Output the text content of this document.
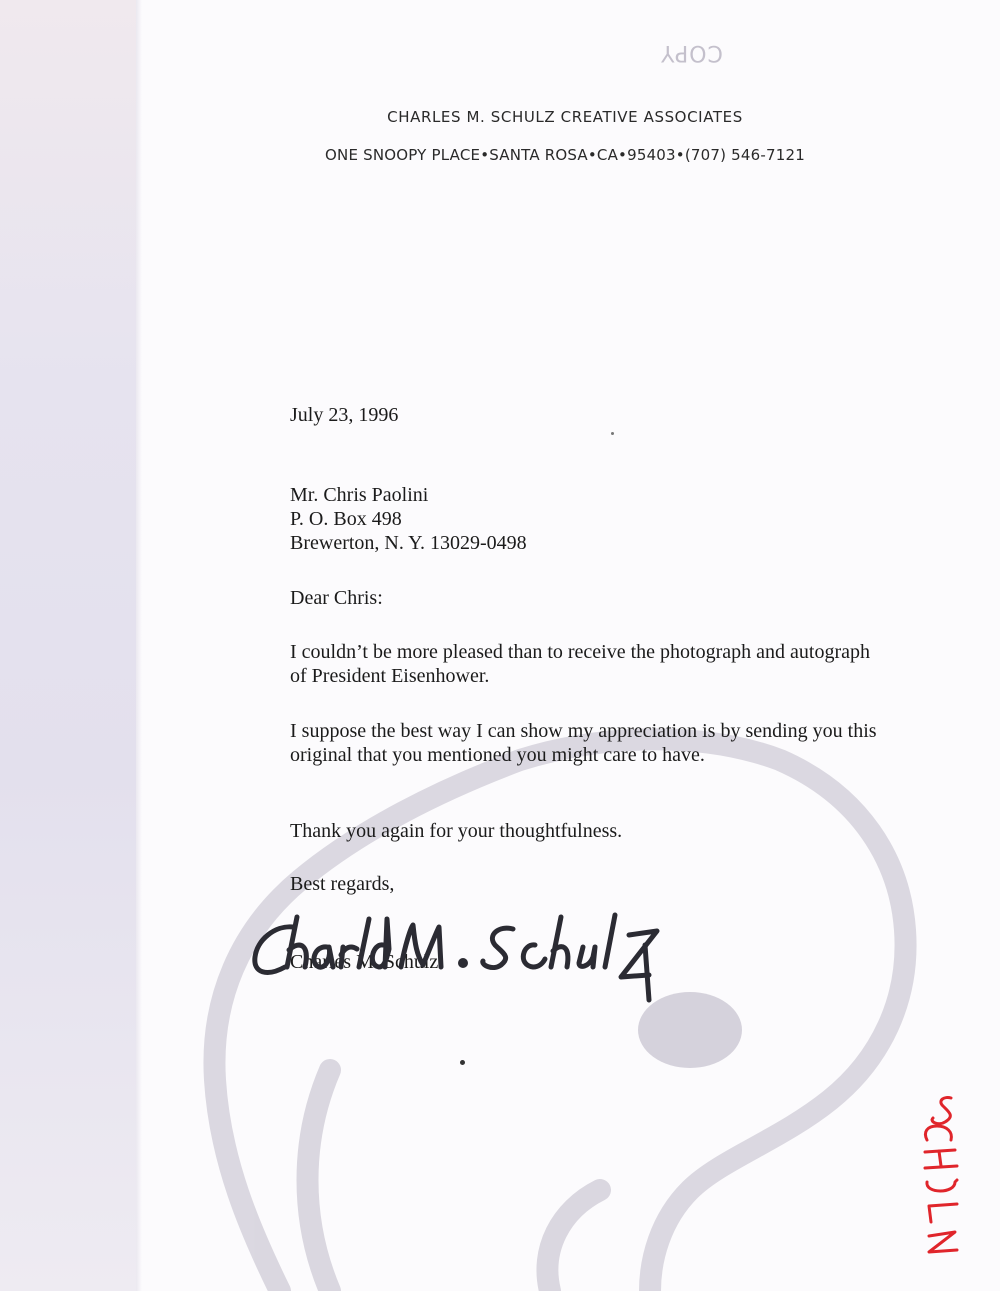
COPY
CHARLES M. SCHULZ CREATIVE ASSOCIATES
ONE SNOOPY PLACE•SANTA ROSA•CA•95403•(707) 546-7121
July 23, 1996
Mr. Chris Paolini
P. O. Box 498
Brewerton, N. Y. 13029-0498
Dear Chris:
I couldn’t be more pleased than to receive the photograph and autograph of President Eisenhower.
I suppose the best way I can show my appreciation is by sending you this original that you mentioned you might care to have.
Thank you again for your thoughtfulness.
Best regards,
Charles M. Schulz
